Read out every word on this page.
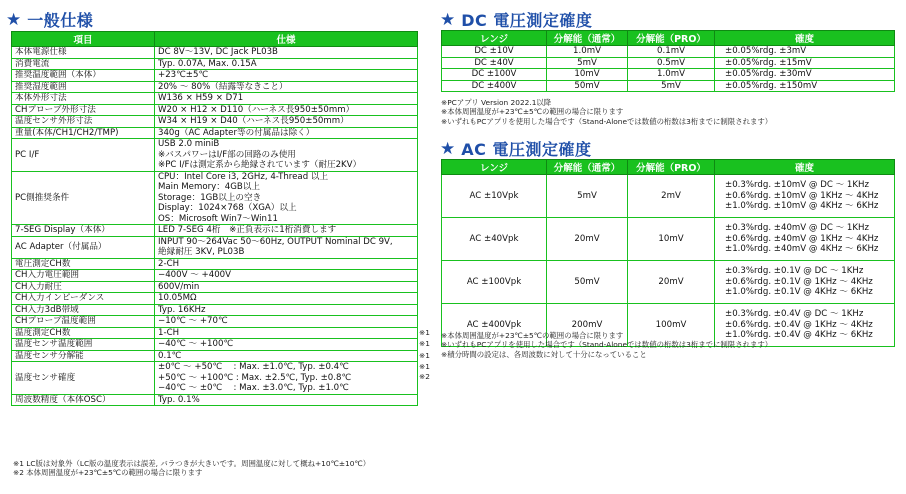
★ 一般仕様
項目	仕様
本体電源仕様	DC 8V～13V, DC Jack PL03B

消費電流	Typ. 0.07A, Max. 0.15A

推奨温度範囲（本体）	+23℃±5℃

推奨湿度範囲	20% ～ 80%（結露等なきこと）

本体外形寸法	W136 × H59 × D71

CHプローブ外形寸法	W20 × H12 × D110（ハーネス長950±50mm）

温度センサ外形寸法	W34 × H19 × D40（ハーネス長950±50mm）

重量(本体/CH1/CH2/TMP)	340g（AC Adapter等の付属品は除く）

PC I/F	USB 2.0 miniB
※バスパワーはI/F部の回路のみ使用
※PC I/Fは測定系から絶縁されています（耐圧2KV）

PC側推奨条件	CPU：Intel Core i3, 2GHz, 4-Thread 以上
Main Memory：4GB以上
Storage：1GB以上の空き
Display：1024×768（XGA）以上
OS：Microsoft Win7～Win11

7-SEG Display（本体）	LED 7-SEG 4桁　※正負表示に1桁消費します

AC Adapter（付属品）	INPUT 90～264Vac 50～60Hz, OUTPUT Nominal DC 9V,
絶縁耐圧 3KV, PL03B

電圧測定CH数	2-CH

CH入力電圧範囲	−400V ～ +400V

CH入力耐圧	600V/min

CH入力インピーダンス	10.05MΩ

CH入力3dB帯域	Typ. 16KHz

CHプローブ温度範囲	−10℃ ～ +70℃

温度測定CH数	1-CH

温度センサ温度範囲	−40℃ ～ +100℃

温度センサ分解能	0.1℃

温度センサ確度	±0℃ ～ +50℃　 : Max. ±1.0℃, Typ. ±0.4℃
+50℃ ～ +100℃ : Max. ±2.5℃, Typ. ±0.8℃
−40℃ ～ ±0℃　 : Max. ±3.0℃, Typ. ±1.0℃

周波数精度（本体OSC）	Typ. 0.1%
※1
※1
※1
※1
※2
※1 LC版は対象外（LC版の温度表示は誤差, バラつきが大きいです。周囲温度に対して概ね+10℃±10℃）
※2 本体周囲温度が+23℃±5℃の範囲の場合に限ります
★ DC 電圧測定確度
レンジ	分解能（通常）	分解能（PRO）	確度
DC ±10V	1.0mV	0.1mV	±0.05%rdg. ±3mV
DC ±40V	5mV	0.5mV	±0.05%rdg. ±15mV
DC ±100V	10mV	1.0mV	±0.05%rdg. ±30mV
DC ±400V	50mV	5mV	±0.05%rdg. ±150mV
※PCアプリ Version 2022.1以降
※本体周囲温度が+23℃±5℃の範囲の場合に限ります
※いずれもPCアプリを使用した場合です（Stand-Aloneでは数値の桁数は3桁までに制限されます）
★ AC 電圧測定確度
レンジ	分解能（通常）	分解能（PRO）	確度
AC ±10Vpk	5mV	2mV	±0.3%rdg. ±10mV @ DC ～ 1KHz
±0.6%rdg. ±10mV @ 1KHz ～ 4KHz
±1.0%rdg. ±10mV @ 4KHz ～ 6KHz

AC ±40Vpk	20mV	10mV	±0.3%rdg. ±40mV @ DC ～ 1KHz
±0.6%rdg. ±40mV @ 1KHz ～ 4KHz
±1.0%rdg. ±40mV @ 4KHz ～ 6KHz

AC ±100Vpk	50mV	20mV	±0.3%rdg. ±0.1V @ DC ～ 1KHz
±0.6%rdg. ±0.1V @ 1KHz ～ 4KHz
±1.0%rdg. ±0.1V @ 4KHz ～ 6KHz

AC ±400Vpk	200mV	100mV	±0.3%rdg. ±0.4V @ DC ～ 1KHz
±0.6%rdg. ±0.4V @ 1KHz ～ 4KHz
±1.0%rdg. ±0.4V @ 4KHz ～ 6KHz
※本体周囲温度が+23℃±5℃の範囲の場合に限ります
※いずれもPCアプリを使用した場合です（Stand-Aloneでは数値の桁数は3桁までに制限されます）
※積分時間の設定は、各周波数に対して十分になっていること
